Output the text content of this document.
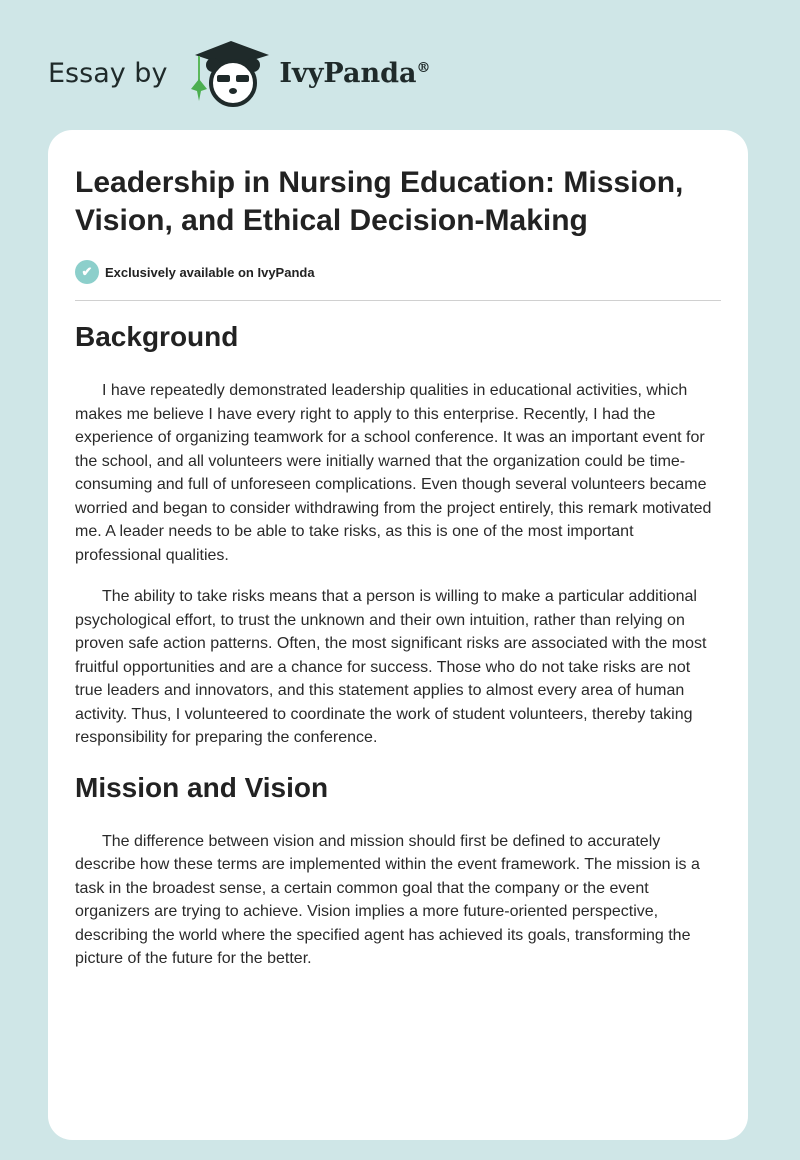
Essay by	IvyPanda®
Leadership in Nursing Education: Mission, Vision, and Ethical Decision-Making
✔ Exclusively available on IvyPanda
Background

I have repeatedly demonstrated leadership qualities in educational activities, which makes me believe I have every right to apply to this enterprise. Recently, I had the experience of organizing teamwork for a school conference. It was an important event for the school, and all volunteers were initially warned that the organization could be time-consuming and full of unforeseen complications. Even though several volunteers became worried and began to consider withdrawing from the project entirely, this remark motivated me. A leader needs to be able to take risks, as this is one of the most important professional qualities.

The ability to take risks means that a person is willing to make a particular additional psychological effort, to trust the unknown and their own intuition, rather than relying on proven safe action patterns. Often, the most significant risks are associated with the most fruitful opportunities and are a chance for success. Those who do not take risks are not true leaders and innovators, and this statement applies to almost every area of human activity. Thus, I volunteered to coordinate the work of student volunteers, thereby taking responsibility for preparing the conference.

Mission and Vision

The difference between vision and mission should first be defined to accurately describe how these terms are implemented within the event framework. The mission is a task in the broadest sense, a certain common goal that the company or the event organizers are trying to achieve. Vision implies a more future-oriented perspective, describing the world where the specified agent has achieved its goals, transforming the picture of the future for the better.
